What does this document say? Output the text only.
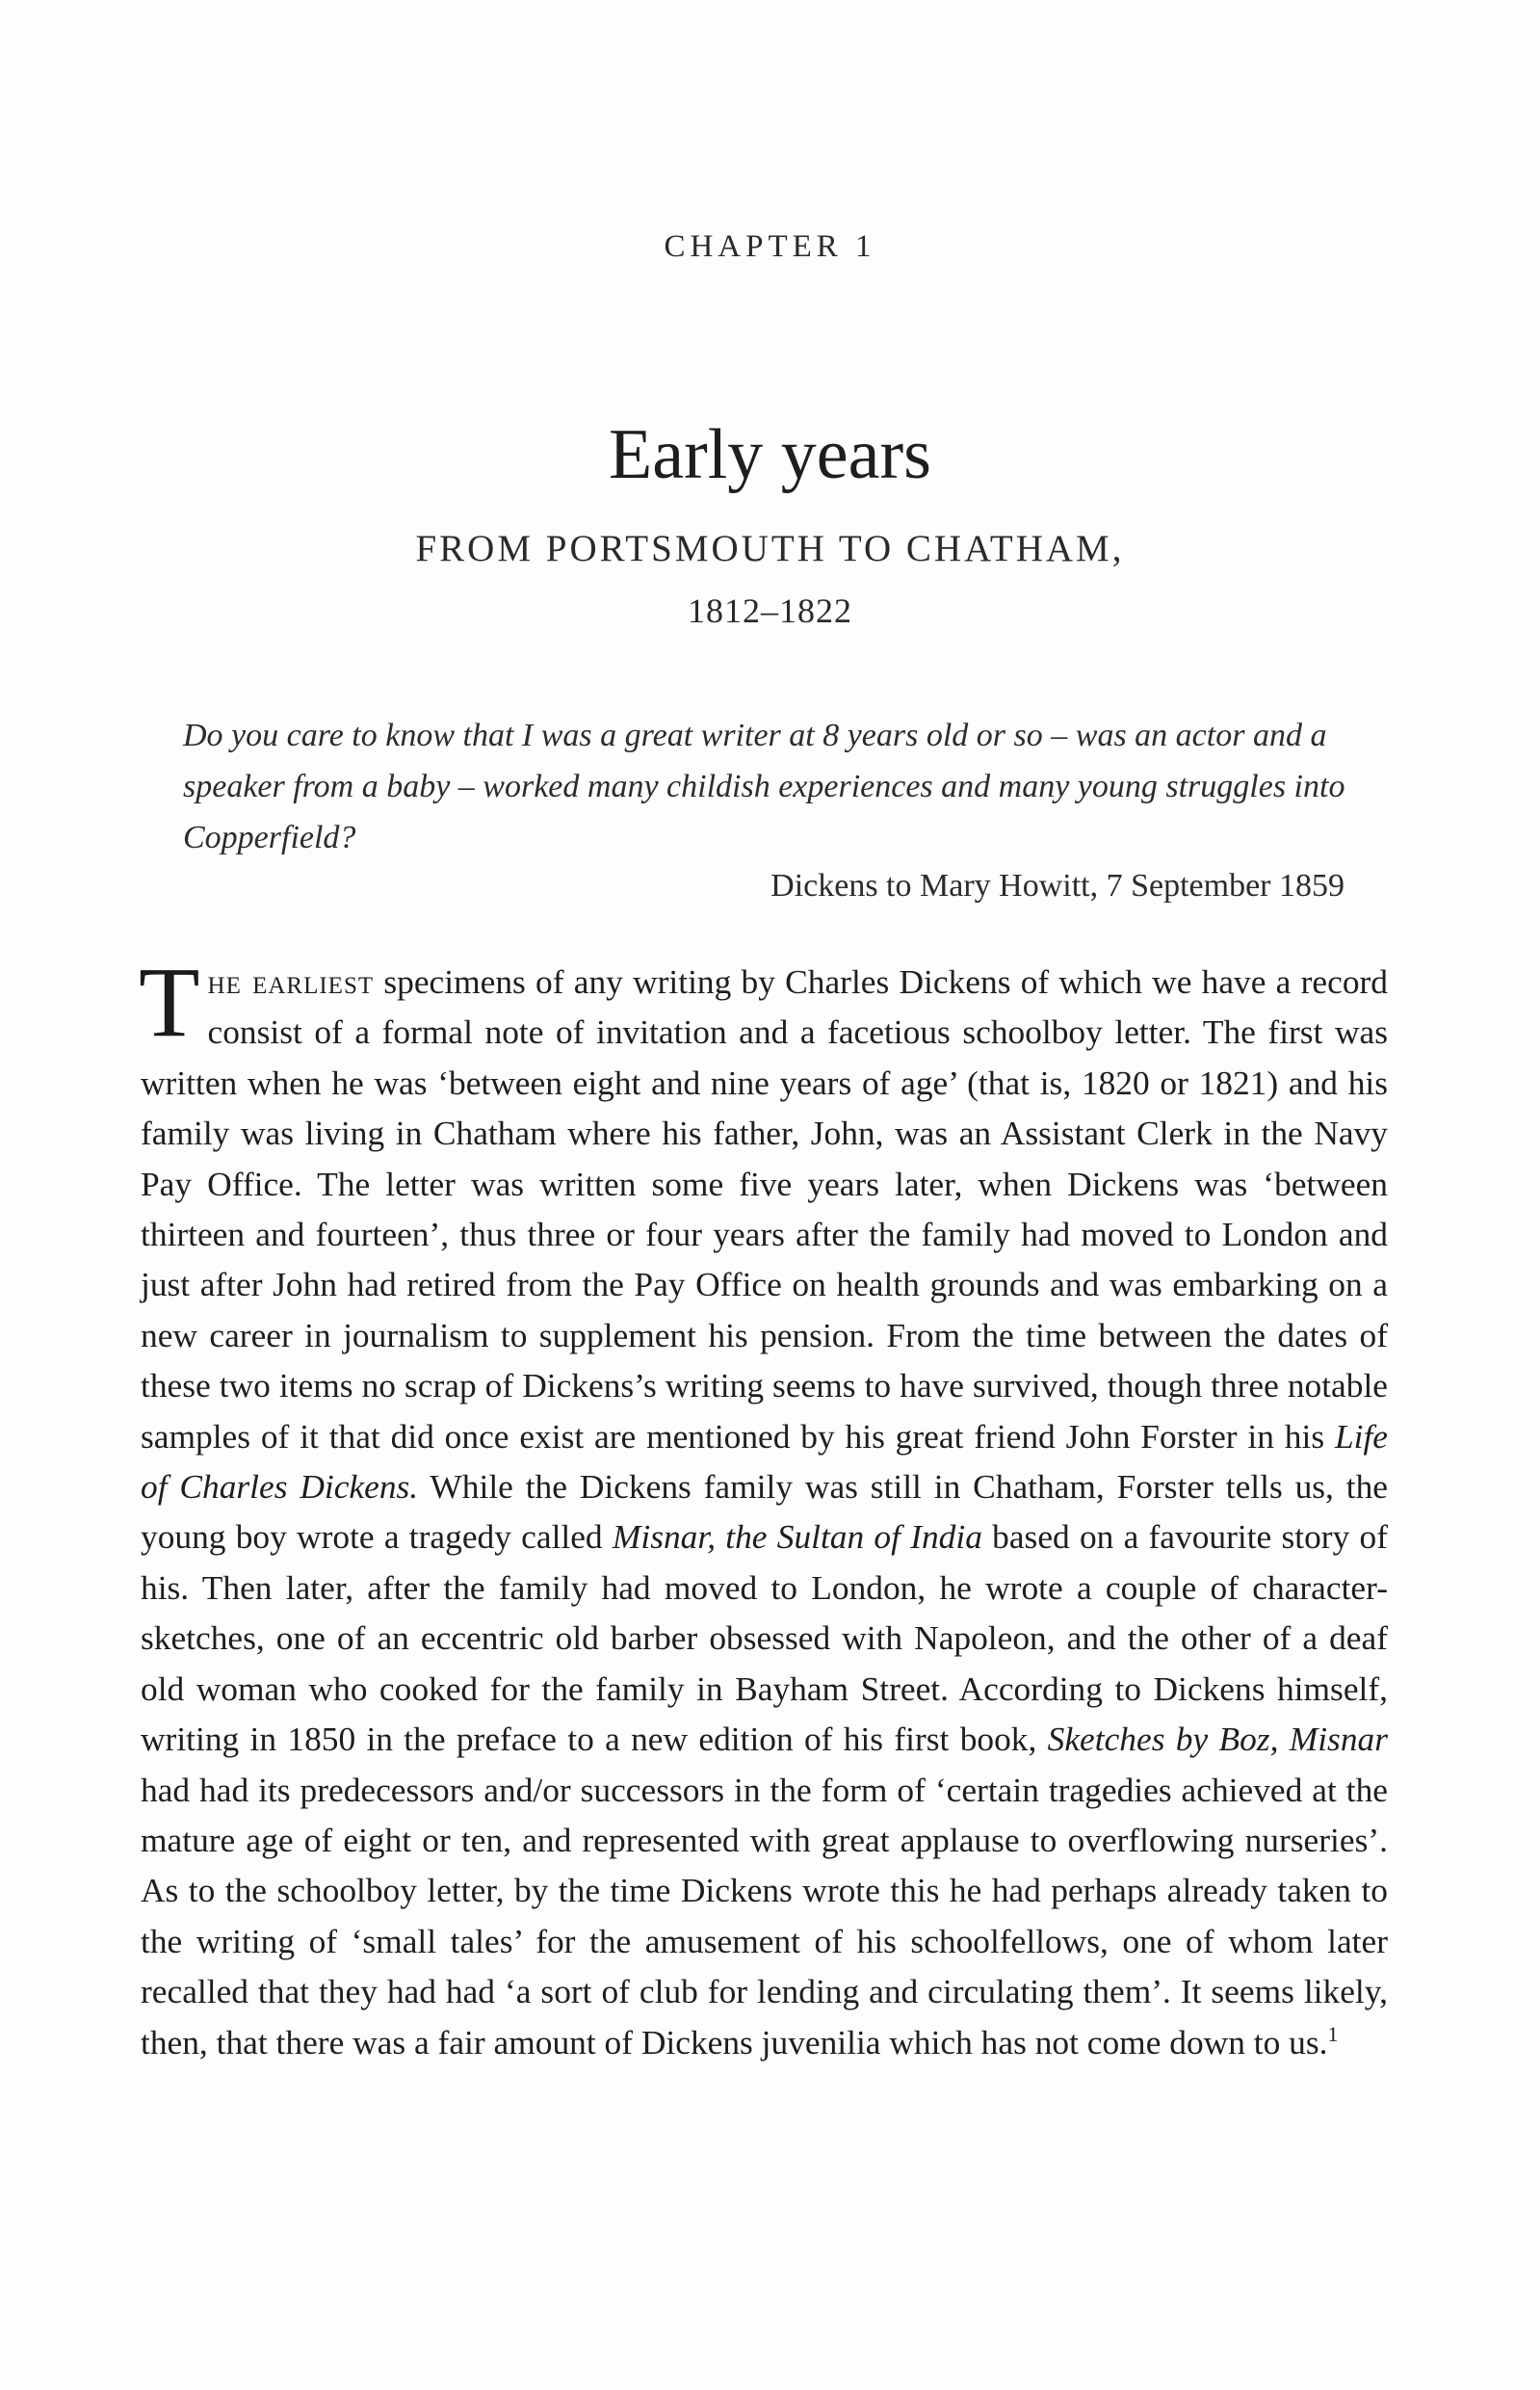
CHAPTER 1
Early years
FROM PORTSMOUTH TO CHATHAM,
1812–1822
Do you care to know that I was a great writer at 8 years old or so – was an actor and a speaker from a baby – worked many childish experiences and many young struggles into Copperfield?
Dickens to Mary Howitt, 7 September 1859

The earliest specimens of any writing by Charles Dickens of which we have a record consist of a formal note of invitation and a facetious schoolboy letter. The first was written when he was ‘between eight and nine years of age’ (that is, 1820 or 1821) and his family was living in Chatham where his father, John, was an Assistant Clerk in the Navy Pay Office. The letter was written some five years later, when Dickens was ‘between thirteen and fourteen’, thus three or four years after the family had moved to London and just after John had retired from the Pay Office on health grounds and was embarking on a new career in journalism to supplement his pension. From the time between the dates of these two items no scrap of Dickens’s writing seems to have survived, though three notable samples of it that did once exist are mentioned by his great friend John Forster in his Life of Charles Dickens. While the Dickens family was still in Chatham, Forster tells us, the young boy wrote a tragedy called Misnar, the Sultan of India based on a favourite story of his. Then later, after the family had moved to London, he wrote a couple of character-sketches, one of an eccentric old barber obsessed with Napoleon, and the other of a deaf old woman who cooked for the family in Bayham Street. According to Dickens himself, writing in 1850 in the preface to a new edition of his first book, Sketches by Boz, Misnar had had its predecessors and/or successors in the form of ‘certain tragedies achieved at the mature age of eight or ten, and represented with great applause to overflowing nurseries’. As to the schoolboy letter, by the time Dickens wrote this he had perhaps already taken to the writing of ‘small tales’ for the amusement of his schoolfellows, one of whom later recalled that they had had ‘a sort of club for lending and circulating them’. It seems likely, then, that there was a fair amount of Dickens juvenilia which has not come down to us.$^1$
